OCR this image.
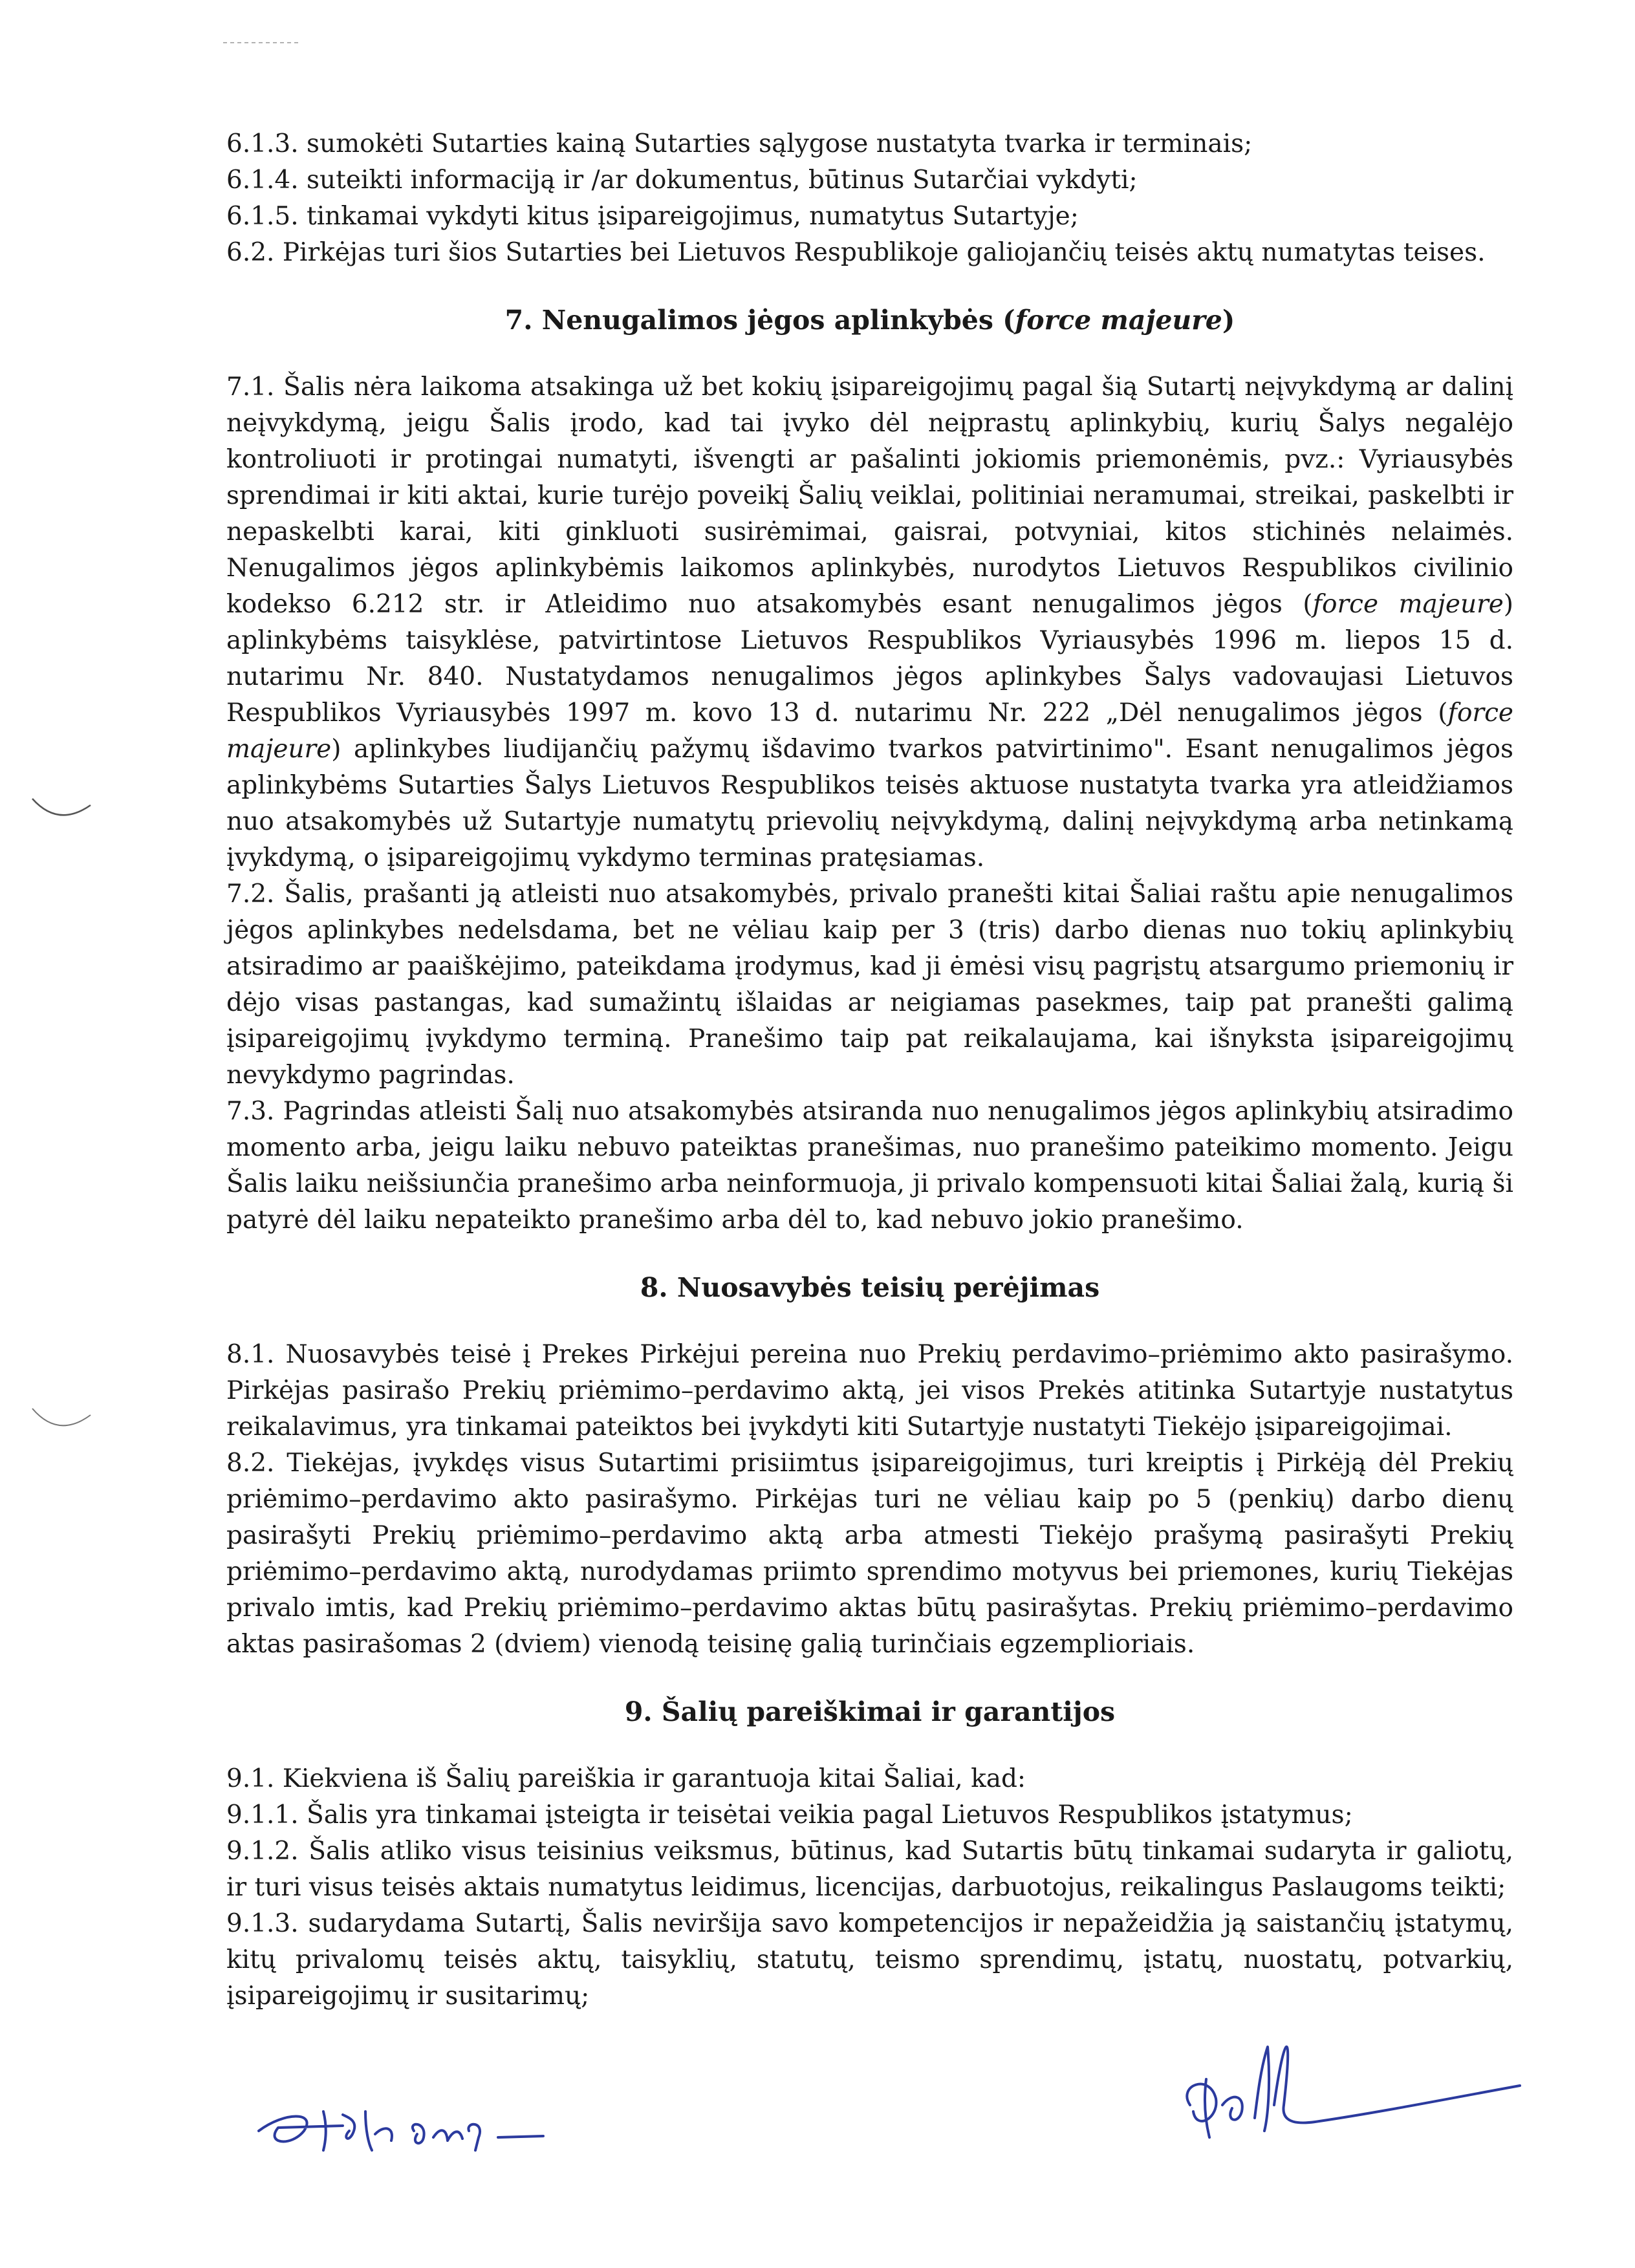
6.1.3. sumokėti Sutarties kainą Sutarties sąlygose nustatyta tvarka ir terminais;

6.1.4. suteikti informaciją ir /ar dokumentus, būtinus Sutarčiai vykdyti;

6.1.5. tinkamai vykdyti kitus įsipareigojimus, numatytus Sutartyje;

6.2. Pirkėjas turi šios Sutarties bei Lietuvos Respublikoje galiojančių teisės aktų numatytas teises.

7. Nenugalimos jėgos aplinkybės (force majeure)

7.1. Šalis nėra laikoma atsakinga už bet kokių įsipareigojimų pagal šią Sutartį neįvykdymą ar dalinį neįvykdymą, jeigu Šalis įrodo, kad tai įvyko dėl neįprastų aplinkybių, kurių Šalys negalėjo kontroliuoti ir protingai numatyti, išvengti ar pašalinti jokiomis priemonėmis, pvz.: Vyriausybės sprendimai ir kiti aktai, kurie turėjo poveikį Šalių veiklai, politiniai neramumai, streikai, paskelbti ir nepaskelbti karai, kiti ginkluoti susirėmimai, gaisrai, potvyniai, kitos stichinės nelaimės. Nenugalimos jėgos aplinkybėmis laikomos aplinkybės, nurodytos Lietuvos Respublikos civilinio kodekso 6.212 str. ir Atleidimo nuo atsakomybės esant nenugalimos jėgos (force majeure) aplinkybėms taisyklėse, patvirtintose Lietuvos Respublikos Vyriausybės 1996 m. liepos 15 d. nutarimu Nr. 840. Nustatydamos nenugalimos jėgos aplinkybes Šalys vadovaujasi Lietuvos Respublikos Vyriausybės 1997 m. kovo 13 d. nutarimu Nr. 222 „Dėl nenugalimos jėgos (force majeure) aplinkybes liudijančių pažymų išdavimo tvarkos patvirtinimo". Esant nenugalimos jėgos aplinkybėms Sutarties Šalys Lietuvos Respublikos teisės aktuose nustatyta tvarka yra atleidžiamos nuo atsakomybės už Sutartyje numatytų prievolių neįvykdymą, dalinį neįvykdymą arba netinkamą įvykdymą, o įsipareigojimų vykdymo terminas pratęsiamas.

7.2. Šalis, prašanti ją atleisti nuo atsakomybės, privalo pranešti kitai Šaliai raštu apie nenugalimos jėgos aplinkybes nedelsdama, bet ne vėliau kaip per 3 (tris) darbo dienas nuo tokių aplinkybių atsiradimo ar paaiškėjimo, pateikdama įrodymus, kad ji ėmėsi visų pagrįstų atsargumo priemonių ir dėjo visas pastangas, kad sumažintų išlaidas ar neigiamas pasekmes, taip pat pranešti galimą įsipareigojimų įvykdymo terminą. Pranešimo taip pat reikalaujama, kai išnyksta įsipareigojimų nevykdymo pagrindas.

7.3. Pagrindas atleisti Šalį nuo atsakomybės atsiranda nuo nenugalimos jėgos aplinkybių atsiradimo momento arba, jeigu laiku nebuvo pateiktas pranešimas, nuo pranešimo pateikimo momento. Jeigu Šalis laiku neišsiunčia pranešimo arba neinformuoja, ji privalo kompensuoti kitai Šaliai žalą, kurią ši patyrė dėl laiku nepateikto pranešimo arba dėl to, kad nebuvo jokio pranešimo.

8. Nuosavybės teisių perėjimas

8.1. Nuosavybės teisė į Prekes Pirkėjui pereina nuo Prekių perdavimo–priėmimo akto pasirašymo. Pirkėjas pasirašo Prekių priėmimo–perdavimo aktą, jei visos Prekės atitinka Sutartyje nustatytus reikalavimus, yra tinkamai pateiktos bei įvykdyti kiti Sutartyje nustatyti Tiekėjo įsipareigojimai.

8.2. Tiekėjas, įvykdęs visus Sutartimi prisiimtus įsipareigojimus, turi kreiptis į Pirkėją dėl Prekių priėmimo–perdavimo akto pasirašymo. Pirkėjas turi ne vėliau kaip po 5 (penkių) darbo dienų pasirašyti Prekių priėmimo–perdavimo aktą arba atmesti Tiekėjo prašymą pasirašyti Prekių priėmimo–perdavimo aktą, nurodydamas priimto sprendimo motyvus bei priemones, kurių Tiekėjas privalo imtis, kad Prekių priėmimo–perdavimo aktas būtų pasirašytas. Prekių priėmimo–perdavimo aktas pasirašomas 2 (dviem) vienodą teisinę galią turinčiais egzemplioriais.

9. Šalių pareiškimai ir garantijos

9.1. Kiekviena iš Šalių pareiškia ir garantuoja kitai Šaliai, kad:

9.1.1. Šalis yra tinkamai įsteigta ir teisėtai veikia pagal Lietuvos Respublikos įstatymus;

9.1.2. Šalis atliko visus teisinius veiksmus, būtinus, kad Sutartis būtų tinkamai sudaryta ir galiotų, ir turi visus teisės aktais numatytus leidimus, licencijas, darbuotojus, reikalingus Paslaugoms teikti;

9.1.3. sudarydama Sutartį, Šalis neviršija savo kompetencijos ir nepažeidžia ją saistančių įstatymų, kitų privalomų teisės aktų, taisyklių, statutų, teismo sprendimų, įstatų, nuostatų, potvarkių, įsipareigojimų ir susitarimų;
